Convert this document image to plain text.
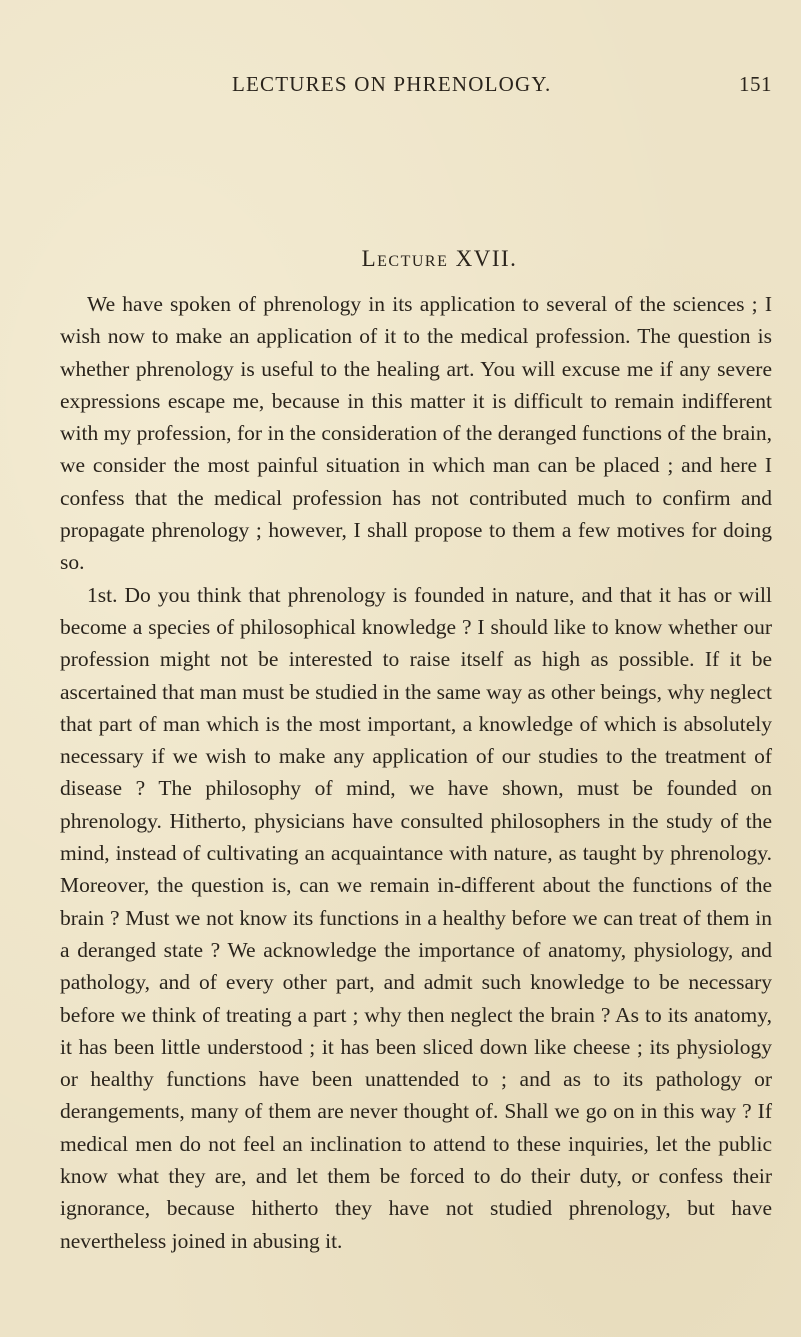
LECTURES ON PHRENOLOGY.	151
Lecture XVII.

We have spoken of phrenology in its application to several of the sciences ; I wish now to make an application of it to the medical profession. The question is whether phrenology is useful to the healing art. You will excuse me if any severe expressions escape me, because in this matter it is difficult to remain indifferent with my profession, for in the consideration of the deranged functions of the brain, we consider the most painful situation in which man can be placed ; and here I confess that the medical profession has not contributed much to confirm and propagate phrenology ; however, I shall propose to them a few motives for doing so.

1st. Do you think that phrenology is founded in nature, and that it has or will become a species of philosophical knowledge ? I should like to know whether our profession might not be interested to raise itself as high as possible. If it be ascertained that man must be studied in the same way as other beings, why neglect that part of man which is the most important, a knowledge of which is absolutely necessary if we wish to make any application of our studies to the treatment of disease ? The philosophy of mind, we have shown, must be founded on phrenology. Hitherto, physicians have consulted philosophers in the study of the mind, instead of cultivating an acquaintance with nature, as taught by phrenology. Moreover, the question is, can we remain in-different about the functions of the brain ? Must we not know its functions in a healthy before we can treat of them in a deranged state ? We acknowledge the importance of anatomy, physiology, and pathology, and of every other part, and admit such knowledge to be necessary before we think of treating a part ; why then neglect the brain ? As to its anatomy, it has been little understood ; it has been sliced down like cheese ; its physiology or healthy functions have been unattended to ; and as to its pathology or derangements, many of them are never thought of. Shall we go on in this way ? If medical men do not feel an inclination to attend to these inquiries, let the public know what they are, and let them be forced to do their duty, or confess their ignorance, because hitherto they have not studied phrenology, but have nevertheless joined in abusing it.
